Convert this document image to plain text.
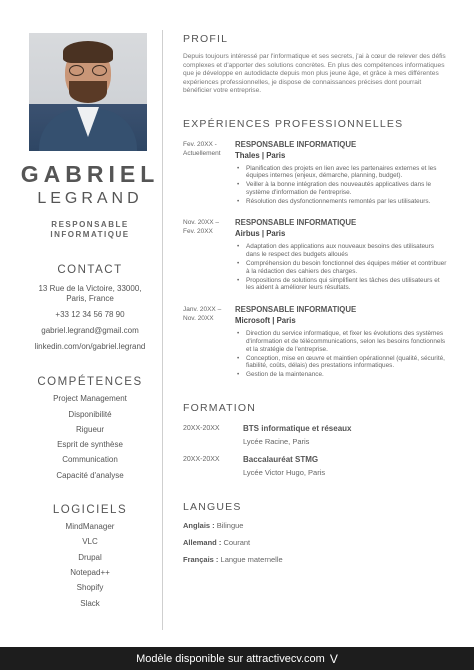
GABRIEL
LEGRAND
RESPONSABLE
INFORMATIQUE
CONTACT
13 Rue de la Victoire, 33000,
Paris, France
+33 12 34 56 78 90
gabriel.legrand@gmail.com
linkedin.com/on/gabriel.legrand
COMPÉTENCES
Project Management
Disponibilité
Rigueur
Esprit de synthèse
Communication
Capacité d'analyse
LOGICIELS
MindManager
VLC
Drupal
Notepad++
Shopify
Slack
PROFIL
Depuis toujours intéressé par l'informatique et ses secrets, j'ai à cœur de relever des défis complexes et d'apporter des solutions concrètes. En plus des compétences informatiques que je développe en autodidacte depuis mon plus jeune âge, et grâce à mes différentes expériences professionnelles, je dispose de connaissances précises dont pourrait bénéficier votre entreprise.
EXPÉRIENCES PROFESSIONNELLES
Fev. 20XX -
Actuellement
RESPONSABLE INFORMATIQUE
Thales | Paris
• Planification des projets en lien avec les partenaires externes et les équipes internes (enjeux, démarche, planning, budget).
• Veiller à la bonne intégration des nouveautés applicatives dans le système d'information de l'entreprise.
• Résolution des dysfonctionnements remontés par les utilisateurs.
Nov. 20XX –
Fev. 20XX
RESPONSABLE INFORMATIQUE
Airbus | Paris
• Adaptation des applications aux nouveaux besoins des utilisateurs dans le respect des budgets alloués
• Compréhension du besoin fonctionnel des équipes métier et contribuer à la rédaction des cahiers des charges.
• Propositions de solutions qui simplifient les tâches des utilisateurs et les aident à améliorer leurs résultats.
Janv. 20XX –
Nov. 20XX
RESPONSABLE INFORMATIQUE
Microsoft | Paris
• Direction du service informatique, et fixer les évolutions des systèmes d'information et de télécommunications, selon les besoins fonctionnels et la stratégie de l'entreprise.
• Conception, mise en œuvre et maintien opérationnel (qualité, sécurité, fiabilité, coûts, délais) des prestations informatiques.
• Gestion de la maintenance.
FORMATION
20XX-20XX	BTS informatique et réseaux
Lycée Racine, Paris
20XX-20XX	Baccalauréat STMG
Lycée Victor Hugo, Paris
LANGUES
Anglais : Bilingue
Allemand : Courant
Français : Langue maternelle
Modèle disponible sur attractivecv.com V
